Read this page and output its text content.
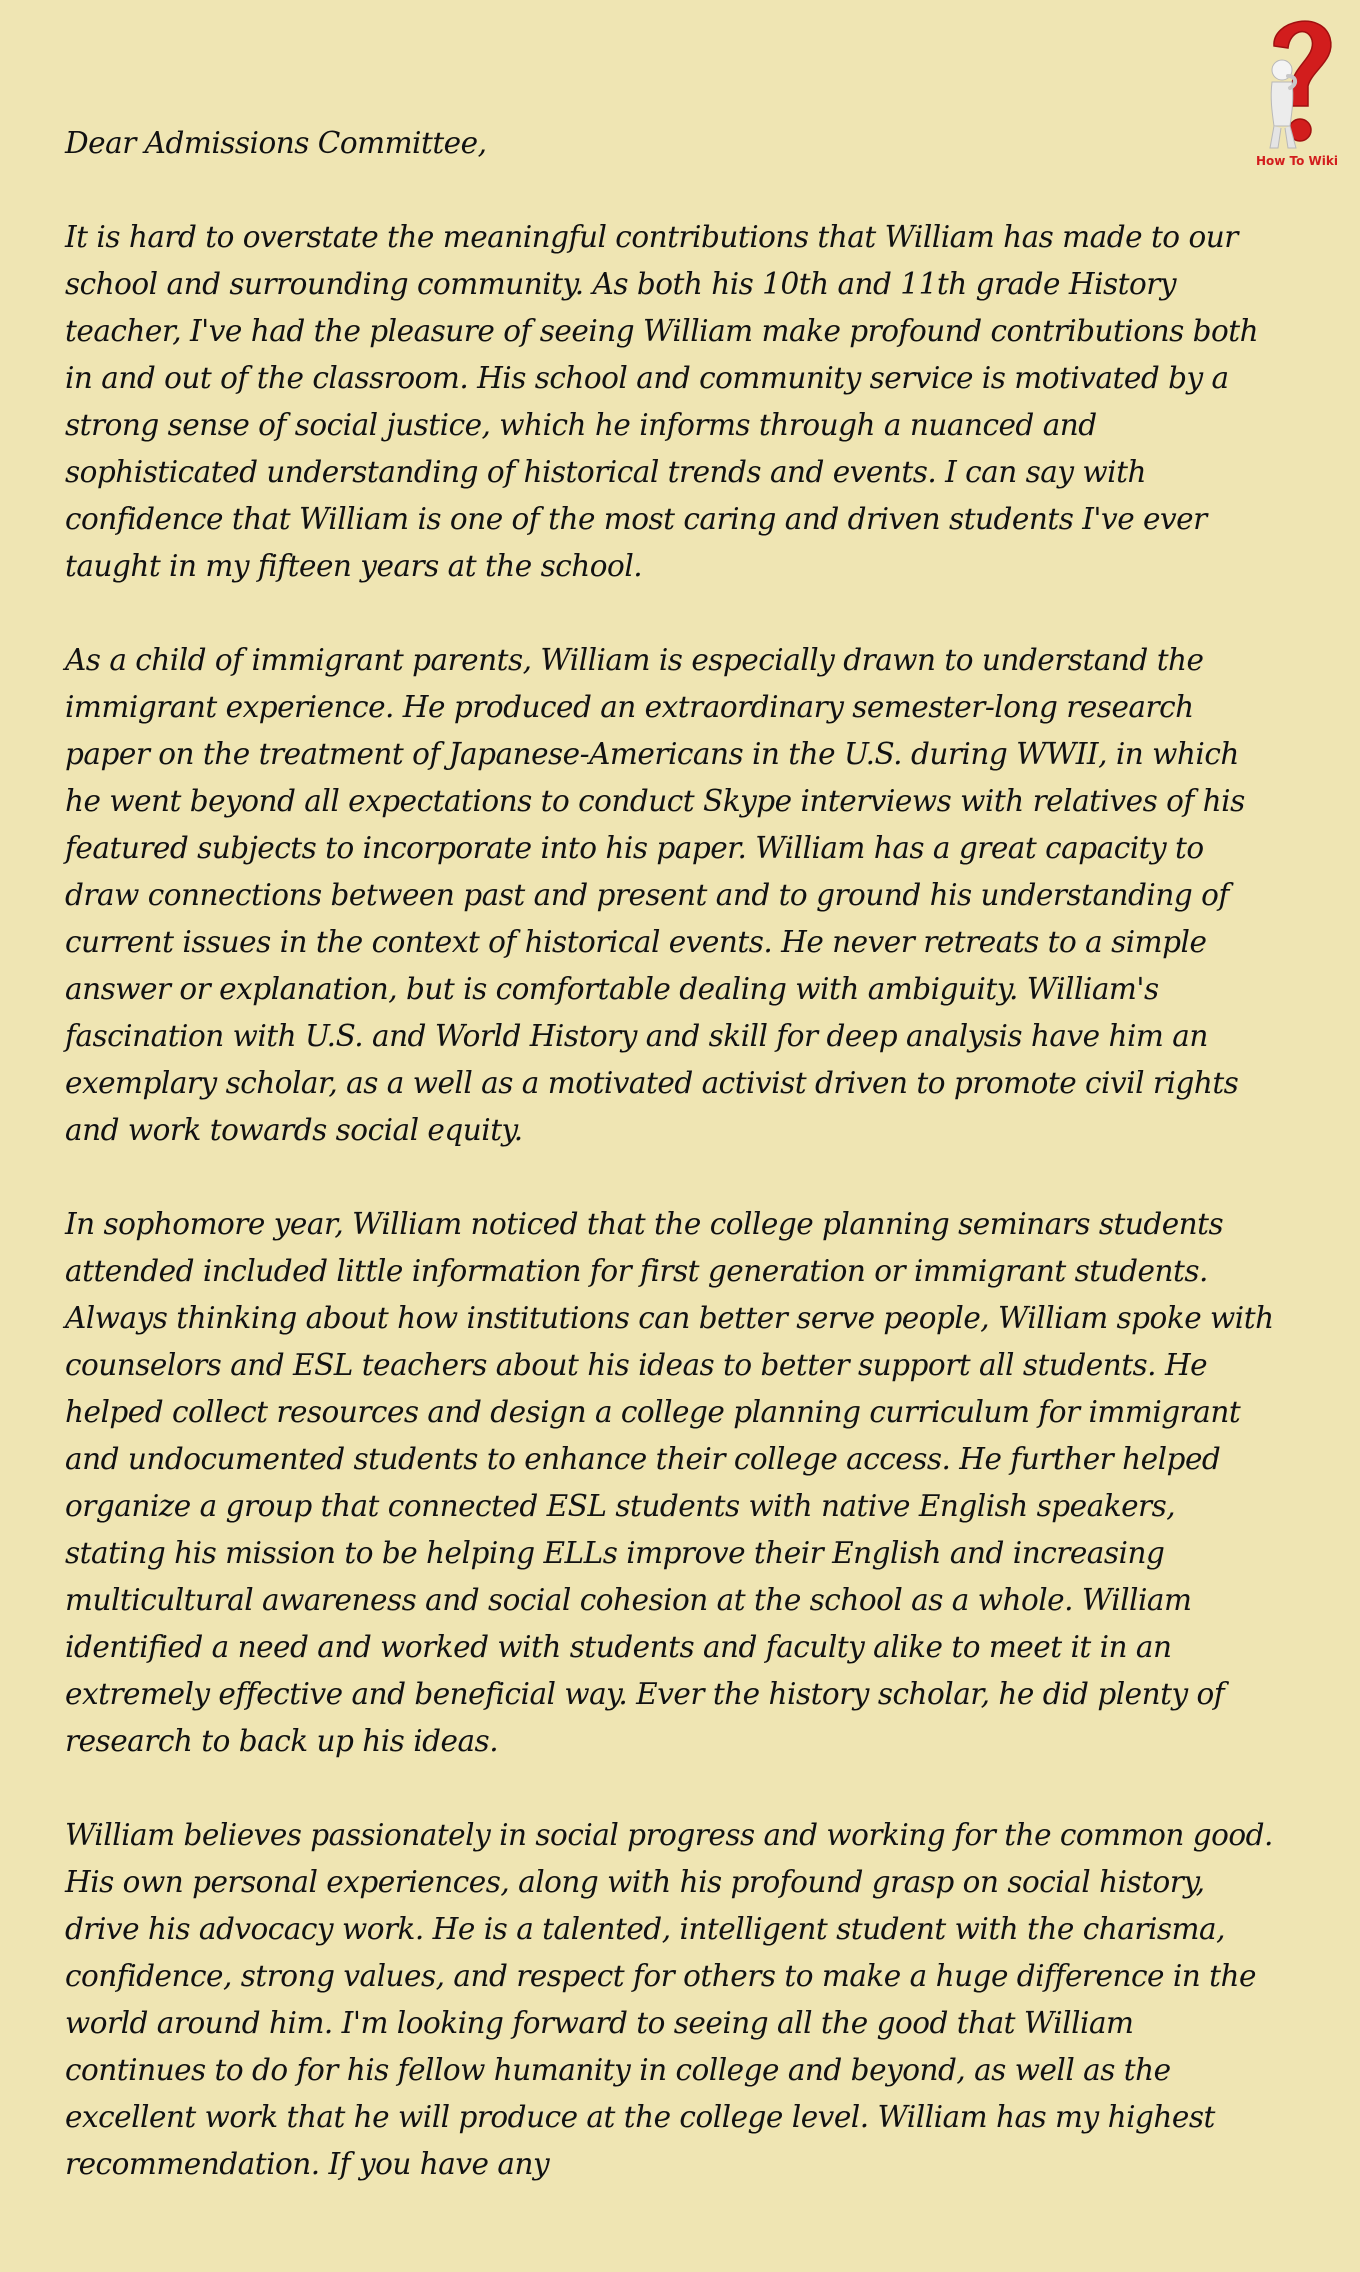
How To Wiki

Dear Admissions Committee,

It is hard to overstate the meaningful contributions that William has made to our school and surrounding community. As both his 10th and 11th grade History teacher, I've had the pleasure of seeing William make profound contributions both in and out of the classroom. His school and community service is motivated by a strong sense of social justice, which he informs through a nuanced and sophisticated understanding of historical trends and events. I can say with confidence that William is one of the most caring and driven students I've ever taught in my fifteen years at the school.

As a child of immigrant parents, William is especially drawn to understand the immigrant experience. He produced an extraordinary semester-long research paper on the treatment of Japanese-Americans in the U.S. during WWII, in which he went beyond all expectations to conduct Skype interviews with relatives of his featured subjects to incorporate into his paper. William has a great capacity to draw connections between past and present and to ground his understanding of current issues in the context of historical events. He never retreats to a simple answer or explanation, but is comfortable dealing with ambiguity. William's fascination with U.S. and World History and skill for deep analysis have him an exemplary scholar, as a well as a motivated activist driven to promote civil rights and work towards social equity.

In sophomore year, William noticed that the college planning seminars students attended included little information for first generation or immigrant students. Always thinking about how institutions can better serve people, William spoke with counselors and ESL teachers about his ideas to better support all students. He helped collect resources and design a college planning curriculum for immigrant and undocumented students to enhance their college access. He further helped organize a group that connected ESL students with native English speakers, stating his mission to be helping ELLs improve their English and increasing multicultural awareness and social cohesion at the school as a whole. William identified a need and worked with students and faculty alike to meet it in an extremely effective and beneficial way. Ever the history scholar, he did plenty of research to back up his ideas.

William believes passionately in social progress and working for the common good. His own personal experiences, along with his profound grasp on social history, drive his advocacy work. He is a talented, intelligent student with the charisma, confidence, strong values, and respect for others to make a huge difference in the world around him. I'm looking forward to seeing all the good that William continues to do for his fellow humanity in college and beyond, as well as the excellent work that he will produce at the college level. William has my highest recommendation. If you have any
